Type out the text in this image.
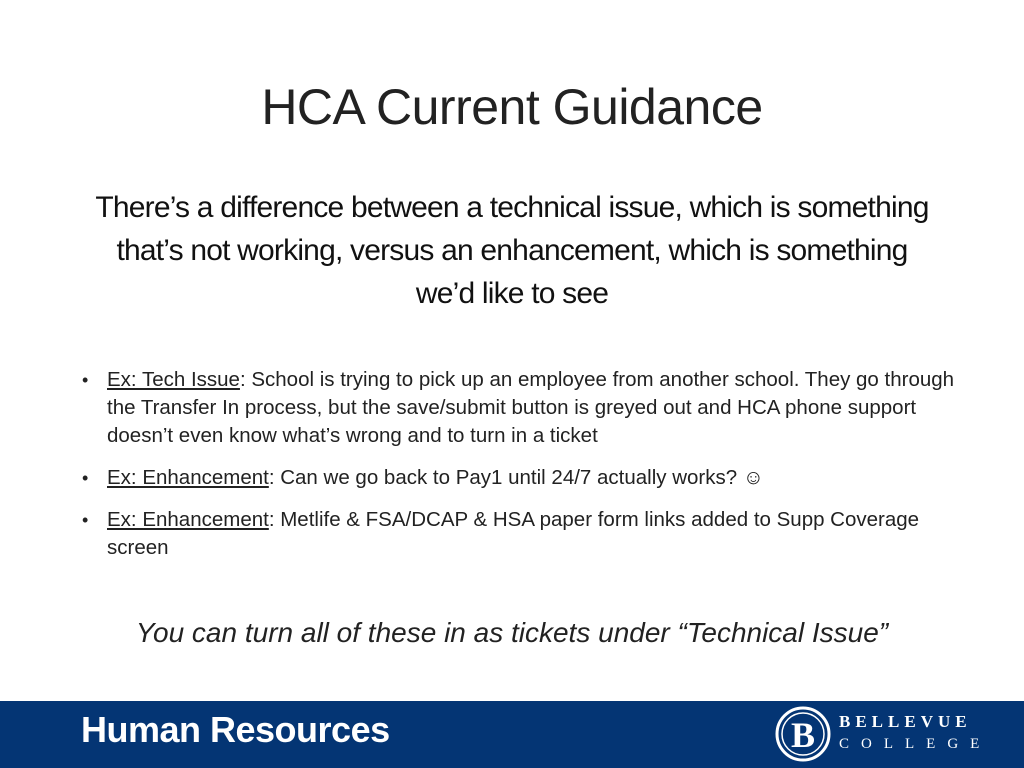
HCA Current Guidance
There’s a difference between a technical issue, which is something that’s not working, versus an enhancement, which is something we’d like to see
• Ex: Tech Issue: School is trying to pick up an employee from another school. They go through the Transfer In process, but the save/submit button is greyed out and HCA phone support doesn’t even know what’s wrong and to turn in a ticket
• Ex: Enhancement: Can we go back to Pay1 until 24/7 actually works? ☺
• Ex: Enhancement: Metlife & FSA/DCAP & HSA paper form links added to Supp Coverage screen
You can turn all of these in as tickets under “Technical Issue”
Human Resources	B BELLEVUE
COLLEGE
